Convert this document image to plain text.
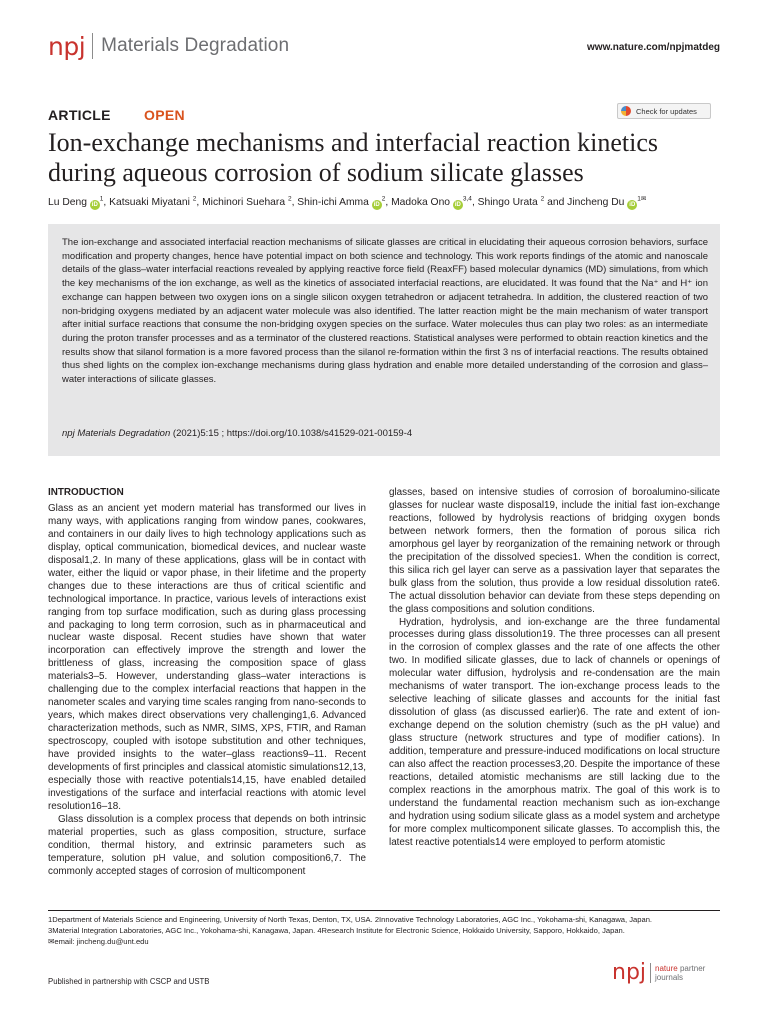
npj Materials Degradation	www.nature.com/npjmatdeg
ARTICLE OPEN	Check for updates
Ion-exchange mechanisms and interfacial reaction kinetics during aqueous corrosion of sodium silicate glasses
Lu Deng $iD^1$, Katsuaki Miyatani $^2$, Michinori Suehara $^2$, Shin-ichi Amma $iD^2$, Madoka Ono iD$^{3,4}$, Shingo Urata $^2$ and Jincheng Du $iD^{1✉}$
The ion-exchange and associated interfacial reaction mechanisms of silicate glasses are critical in elucidating their aqueous corrosion behaviors, surface modification and property changes, hence have potential impact on both science and technology. This work reports findings of the atomic and nanoscale details of the glass–water interfacial reactions revealed by applying reactive force field (ReaxFF) based molecular dynamics (MD) simulations, from which the key mechanisms of the ion exchange, as well as the kinetics of associated interfacial reactions, are elucidated. It was found that the Na⁺ and H⁺ ion exchange can happen between two oxygen ions on a single silicon oxygen tetrahedron or adjacent tetrahedra. In addition, the clustered reaction of two non-bridging oxygens mediated by an adjacent water molecule was also identified. The latter reaction might be the main mechanism of water transport after initial surface reactions that consume the non-bridging oxygen species on the surface. Water molecules thus can play two roles: as an intermediate during the proton transfer processes and as a terminator of the clustered reactions. Statistical analyses were performed to obtain reaction kinetics and the results show that silanol formation is a more favored process than the silanol re-formation within the first 3 ns of interfacial reactions. The results obtained thus shed lights on the complex ion-exchange mechanisms during glass hydration and enable more detailed understanding of the corrosion and glass–water interactions of silicate glasses.
npj Materials Degradation (2021)5:15 ; https://doi.org/10.1038/s41529-021-00159-4
INTRODUCTION

Glass as an ancient yet modern material has transformed our lives in many ways, with applications ranging from window panes, cookwares, and containers in our daily lives to high technology applications such as display, optical communication, biomedical devices, and nuclear waste disposal1,2. In many of these applications, glass will be in contact with water, either the liquid or vapor phase, in their lifetime and the property changes due to these interactions are thus of critical scientific and technological importance. In practice, various levels of interactions exist ranging from top surface modification, such as during glass processing and packaging to long term corrosion, such as in pharmaceutical and nuclear waste disposal. Recent studies have shown that water incorporation can effectively improve the strength and lower the brittleness of glass, increasing the composition space of glass materials3–5. However, understanding glass–water interactions is challenging due to the complex interfacial reactions that happen in the nanometer scales and varying time scales ranging from nano-seconds to years, which makes direct observations very challenging1,6. Advanced characterization methods, such as NMR, SIMS, XPS, FTIR, and Raman spectroscopy, coupled with isotope substitution and other techniques, have provided insights to the water–glass reactions9–11. Recent developments of first principles and classical atomistic simulations12,13, especially those with reactive potentials14,15, have enabled detailed investigations of the surface and interfacial reactions with atomic level resolution16–18.

Glass dissolution is a complex process that depends on both intrinsic material properties, such as glass composition, structure, surface condition, thermal history, and extrinsic parameters such as temperature, solution pH value, and solution composition6,7. The commonly accepted stages of corrosion of multicomponent

glasses, based on intensive studies of corrosion of boroalumino-silicate glasses for nuclear waste disposal19, include the initial fast ion-exchange reactions, followed by hydrolysis reactions of bridging oxygen bonds between network formers, then the formation of porous silica rich amorphous gel layer by reorganization of the remaining network or through the precipitation of the dissolved species1. When the condition is correct, this silica rich gel layer can serve as a passivation layer that separates the bulk glass from the solution, thus provide a low residual dissolution rate6. The actual dissolution behavior can deviate from these steps depending on the glass compositions and solution conditions.

Hydration, hydrolysis, and ion-exchange are the three fundamental processes during glass dissolution19. The three processes can all present in the corrosion of complex glasses and the rate of one affects the other two. In modified silicate glasses, due to lack of channels or openings of molecular water diffusion, hydrolysis and re-condensation are the main mechanisms of water transport. The ion-exchange process leads to the selective leaching of silicate glasses and accounts for the initial fast dissolution of glass (as discussed earlier)6. The rate and extent of ion-exchange depend on the solution chemistry (such as the pH value) and glass structure (network structures and type of modifier cations). In addition, temperature and pressure-induced modifications on local structure can also affect the reaction processes3,20. Despite the importance of these reactions, detailed atomistic mechanisms are still lacking due to the complex reactions in the amorphous matrix. The goal of this work is to understand the fundamental reaction mechanism such as ion-exchange and hydration using sodium silicate glass as a model system and archetype for more complex multicomponent silicate glasses. To accomplish this, the latest reactive potentials14 were employed to perform atomistic

1Department of Materials Science and Engineering, University of North Texas, Denton, TX, USA. 2Innovative Technology Laboratories, AGC Inc., Yokohama-shi, Kanagawa, Japan.
3Material Integration Laboratories, AGC Inc., Yokohama-shi, Kanagawa, Japan. 4Research Institute for Electronic Science, Hokkaido University, Sapporo, Hokkaido, Japan.
✉email: jincheng.du@unt.edu
Published in partnership with CSCP and USTB	npj nature partner
journals
